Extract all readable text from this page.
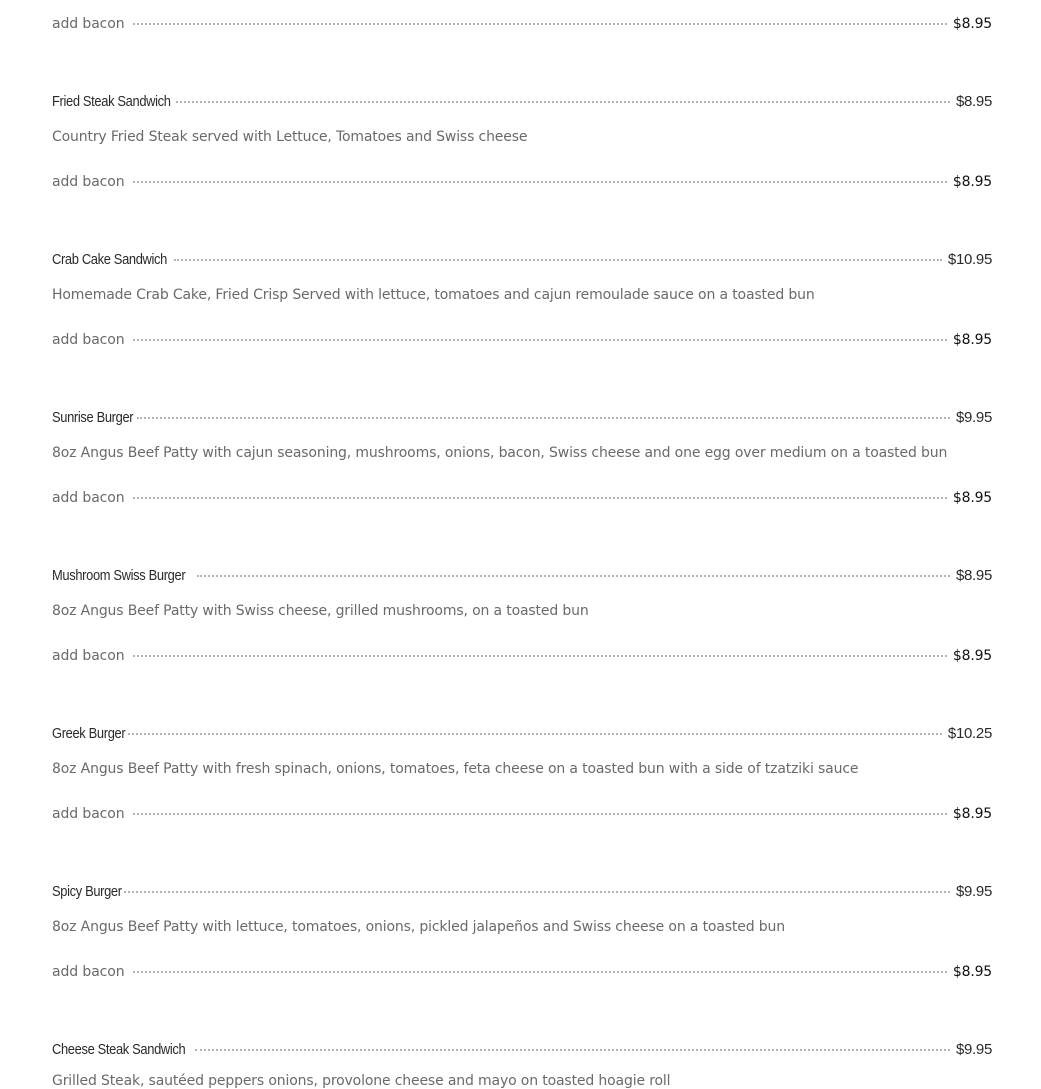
add bacon	$8.95
Fried Steak Sandwich	$8.95
Country Fried Steak served with Lettuce, Tomatoes and Swiss cheese
add bacon	$8.95
Crab Cake Sandwich	$10.95
Homemade Crab Cake, Fried Crisp Served with lettuce, tomatoes and cajun remoulade sauce on a toasted bun
add bacon	$8.95
Sunrise Burger	$9.95
8oz Angus Beef Patty with cajun seasoning, mushrooms, onions, bacon, Swiss cheese and one egg over medium on a toasted bun
add bacon	$8.95
Mushroom Swiss Burger	$8.95
8oz Angus Beef Patty with Swiss cheese, grilled mushrooms, on a toasted bun
add bacon	$8.95
Greek Burger	$10.25
8oz Angus Beef Patty with fresh spinach, onions, tomatoes, feta cheese on a toasted bun with a side of tzatziki sauce
add bacon	$8.95
Spicy Burger	$9.95
8oz Angus Beef Patty with lettuce, tomatoes, onions, pickled jalapeños and Swiss cheese on a toasted bun
add bacon	$8.95
Cheese Steak Sandwich	$9.95
Grilled Steak, sautéed peppers onions, provolone cheese and mayo on toasted hoagie roll
